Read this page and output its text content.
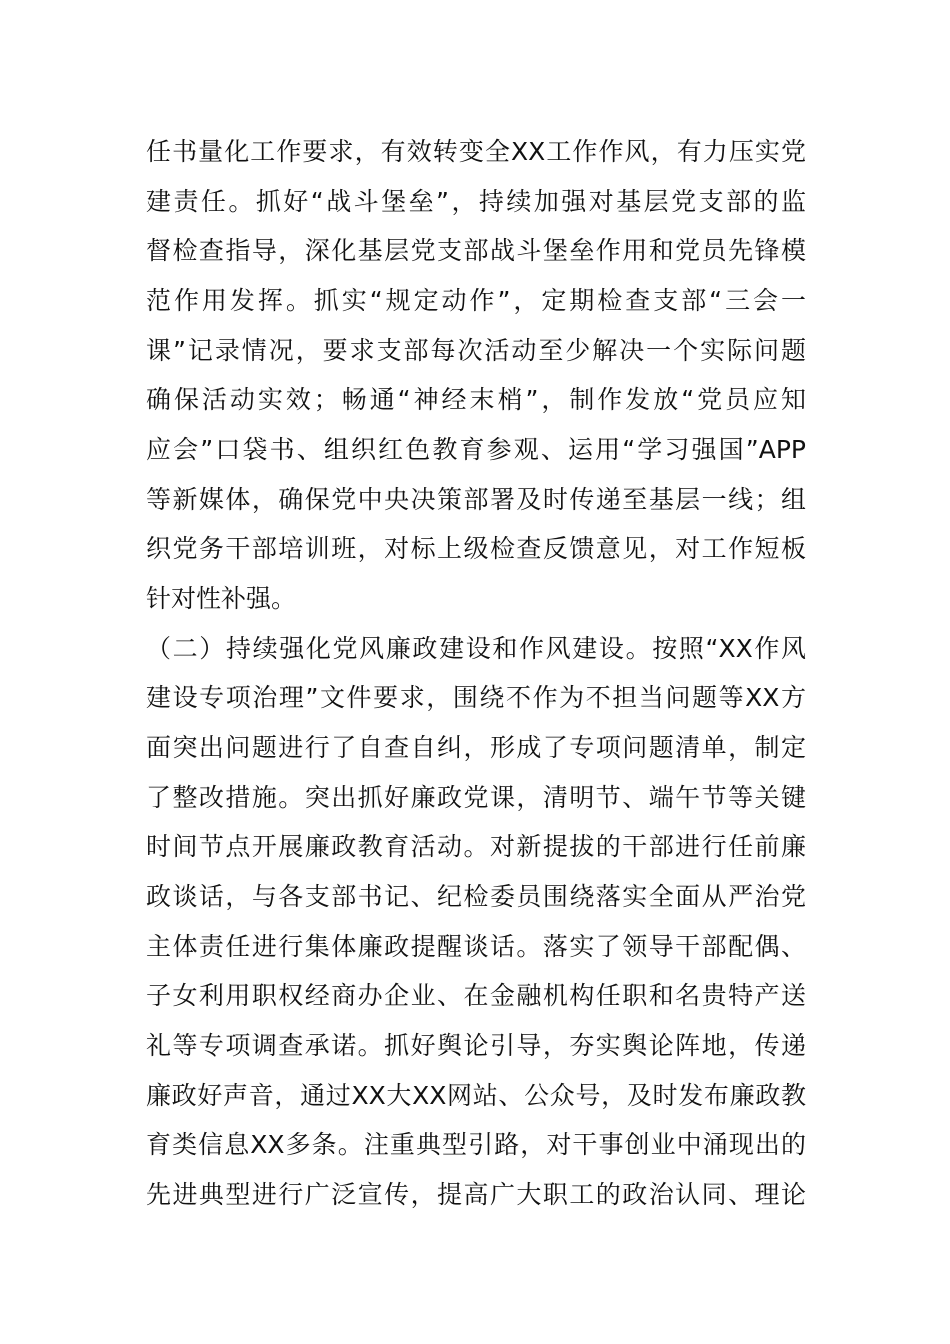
任书量化工作要求，有效转变全XX工作作风，有力压实党
建责任。抓好“战斗堡垒”，持续加强对基层党支部的监
督检查指导，深化基层党支部战斗堡垒作用和党员先锋模
范作用发挥。抓实“规定动作”，定期检查支部“三会一
课”记录情况，要求支部每次活动至少解决一个实际问题
确保活动实效；畅通“神经末梢”，制作发放“党员应知
应会”口袋书、组织红色教育参观、运用“学习强国”APP
等新媒体，确保党中央决策部署及时传递至基层一线；组
织党务干部培训班，对标上级检查反馈意见，对工作短板
针对性补强。
（二）持续强化党风廉政建设和作风建设。按照“XX作风
建设专项治理”文件要求，围绕不作为不担当问题等XX方
面突出问题进行了自查自纠，形成了专项问题清单，制定
了整改措施。突出抓好廉政党课，清明节、端午节等关键
时间节点开展廉政教育活动。对新提拔的干部进行任前廉
政谈话，与各支部书记、纪检委员围绕落实全面从严治党
主体责任进行集体廉政提醒谈话。落实了领导干部配偶、
子女利用职权经商办企业、在金融机构任职和名贵特产送
礼等专项调查承诺。抓好舆论引导，夯实舆论阵地，传递
廉政好声音，通过XX大XX网站、公众号，及时发布廉政教
育类信息XX多条。注重典型引路，对干事创业中涌现出的
先进典型进行广泛宣传，提高广大职工的政治认同、理论
